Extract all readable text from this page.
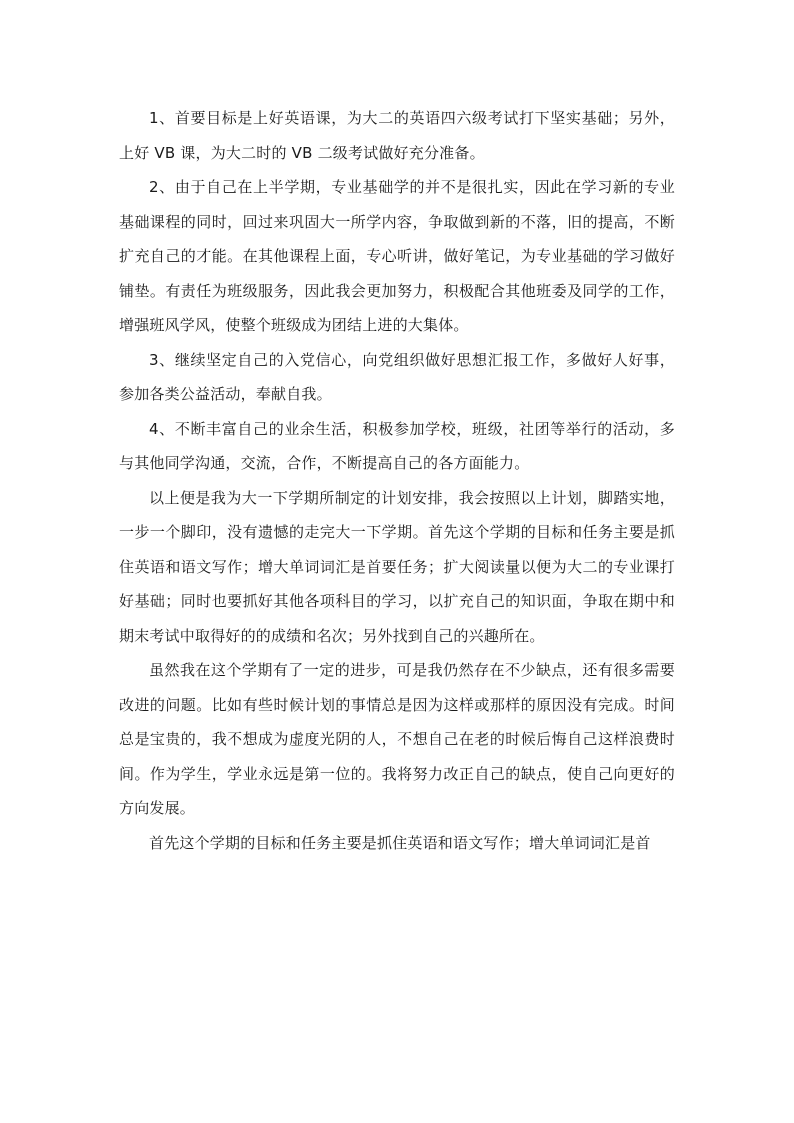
1、首要目标是上好英语课，为大二的英语四六级考试打下坚实基础；另外，上好 VB 课，为大二时的 VB 二级考试做好充分准备。

2、由于自己在上半学期，专业基础学的并不是很扎实，因此在学习新的专业基础课程的同时，回过来巩固大一所学内容，争取做到新的不落，旧的提高，不断扩充自己的才能。在其他课程上面，专心听讲，做好笔记，为专业基础的学习做好铺垫。有责任为班级服务，因此我会更加努力，积极配合其他班委及同学的工作，增强班风学风，使整个班级成为团结上进的大集体。

3、继续坚定自己的入党信心，向党组织做好思想汇报工作，多做好人好事，参加各类公益活动，奉献自我。

4、不断丰富自己的业余生活，积极参加学校，班级，社团等举行的活动，多与其他同学沟通，交流，合作，不断提高自己的各方面能力。

以上便是我为大一下学期所制定的计划安排，我会按照以上计划，脚踏实地，一步一个脚印，没有遗憾的走完大一下学期。首先这个学期的目标和任务主要是抓住英语和语文写作；增大单词词汇是首要任务；扩大阅读量以便为大二的专业课打好基础；同时也要抓好其他各项科目的学习，以扩充自己的知识面，争取在期中和期末考试中取得好的的成绩和名次；另外找到自己的兴趣所在。

虽然我在这个学期有了一定的进步，可是我仍然存在不少缺点，还有很多需要改进的问题。比如有些时候计划的事情总是因为这样或那样的原因没有完成。时间总是宝贵的，我不想成为虚度光阴的人，不想自己在老的时候后悔自己这样浪费时间。作为学生，学业永远是第一位的。我将努力改正自己的缺点，使自己向更好的方向发展。

首先这个学期的目标和任务主要是抓住英语和语文写作；增大单词词汇是首
